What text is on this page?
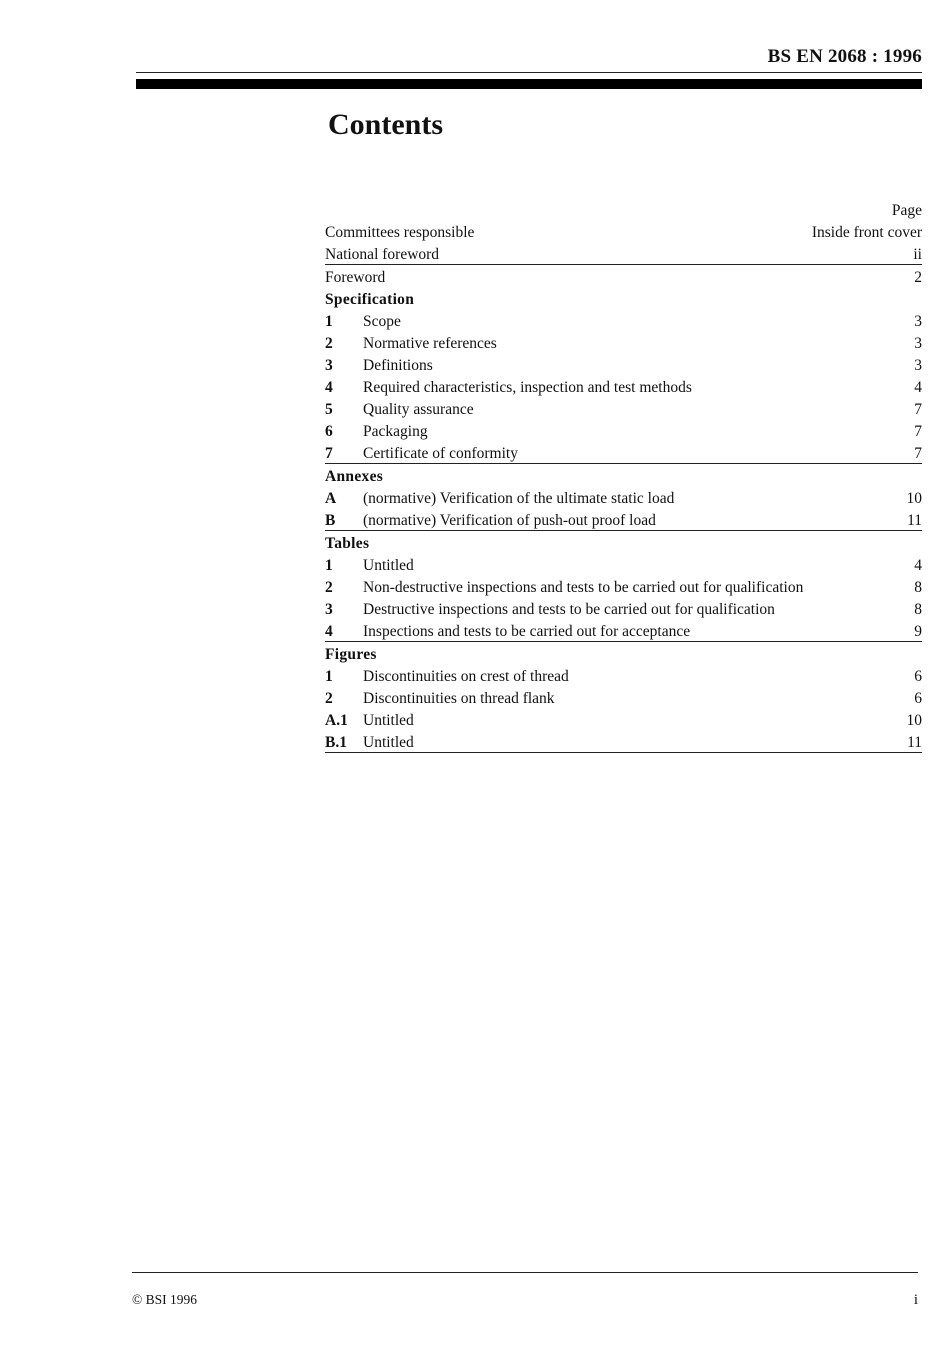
BS EN 2068 : 1996
Contents
Page
Committees responsible	Inside front cover
National foreword	ii
Foreword	2
Specification
1	Scope	3
2	Normative references	3
3	Definitions	3
4	Required characteristics, inspection and test methods	4
5	Quality assurance	7
6	Packaging	7
7	Certificate of conformity	7
Annexes
A	(normative) Verification of the ultimate static load	10
B	(normative) Verification of push-out proof load	11
Tables
1	Untitled	4
2	Non-destructive inspections and tests to be carried out for qualification	8
3	Destructive inspections and tests to be carried out for qualification	8
4	Inspections and tests to be carried out for acceptance	9
Figures
1	Discontinuities on crest of thread	6
2	Discontinuities on thread flank	6
A.1 Untitled	10
B.1	Untitled	11
© BSI 1996	i
